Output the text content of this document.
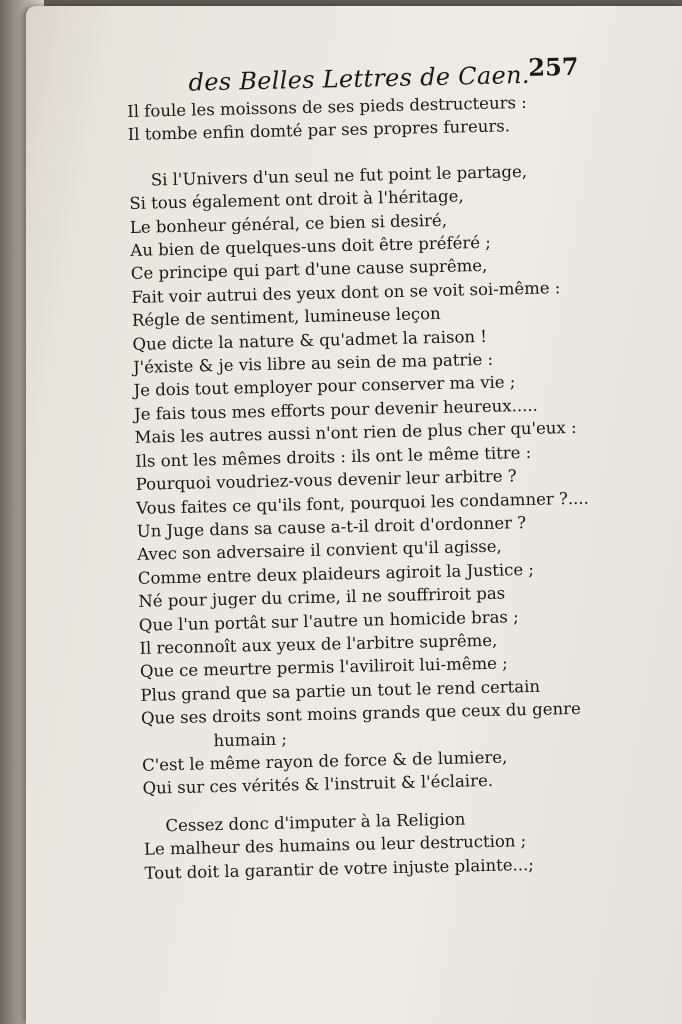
des Belles Lettres de Caen.
257
Il foule les moissons de ses pieds destructeurs :
Il tombe enfin domté par ses propres fureurs.
Si l'Univers d'un seul ne fut point le partage,
Si tous également ont droit à l'héritage,
Le bonheur général, ce bien si desiré,
Au bien de quelques-uns doit être préféré ;
Ce principe qui part d'une cause suprême,
Fait voir autrui des yeux dont on se voit soi-même :
Régle de sentiment, lumineuse leçon
Que dicte la nature & qu'admet la raison !
J'éxiste & je vis libre au sein de ma patrie :
Je dois tout employer pour conserver ma vie ;
Je fais tous mes efforts pour devenir heureux.....
Mais les autres aussi n'ont rien de plus cher qu'eux :
Ils ont les mêmes droits : ils ont le même titre :
Pourquoi voudriez-vous devenir leur arbitre ?
Vous faites ce qu'ils font, pourquoi les condamner ?....
Un Juge dans sa cause a-t-il droit d'ordonner ?
Avec son adversaire il convient qu'il agisse,
Comme entre deux plaideurs agiroit la Justice ;
Né pour juger du crime, il ne souffriroit pas
Que l'un portât sur l'autre un homicide bras ;
Il reconnoît aux yeux de l'arbitre suprême,
Que ce meurtre permis l'aviliroit lui-même ;
Plus grand que sa partie un tout le rend certain
Que ses droits sont moins grands que ceux du genre
humain ;
C'est le même rayon de force & de lumiere,
Qui sur ces vérités & l'instruit & l'éclaire.
Cessez donc d'imputer à la Religion
Le malheur des humains ou leur destruction ;
Tout doit la garantir de votre injuste plainte...;
